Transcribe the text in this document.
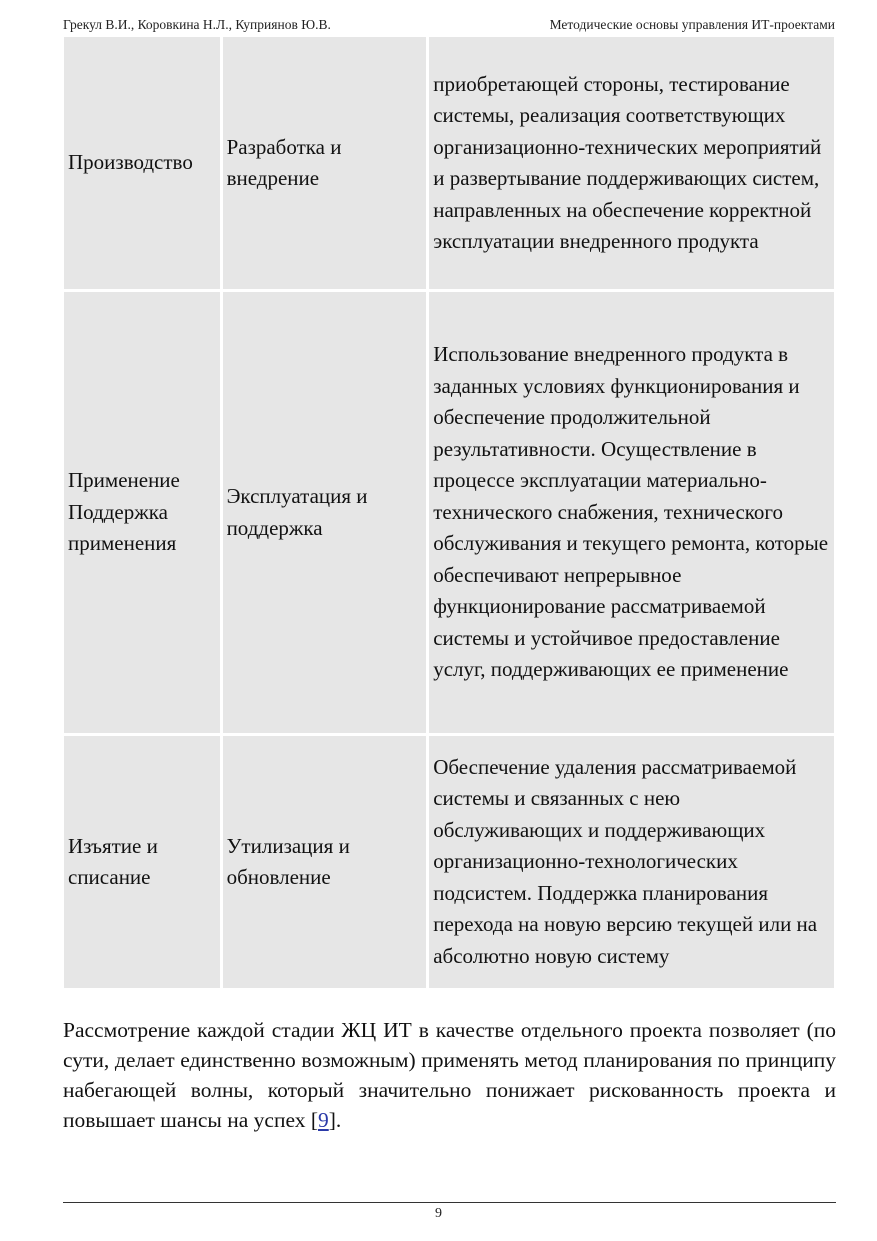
Грекул В.И., Коровкина Н.Л., Куприянов Ю.В.	Методические основы управления ИТ-проектами
Производство	Разработка и внедрение	приобретающей стороны, тестирование системы, реализация соответствующих организационно-технических мероприятий и развертывание поддерживающих систем, направленных на обеспечение корректной эксплуатации внедренного продукта

Применение Поддержка применения	Эксплуатация и поддержка	Использование внедренного продукта в заданных условиях функционирования и обеспечение продолжительной результативности. Осуществление в процессе эксплуатации материально-технического снабжения, технического обслуживания и текущего ремонта, которые обеспечивают непрерывное функционирование рассматриваемой системы и устойчивое предоставление услуг, поддерживающих ее применение

Изъятие и списание	Утилизация и обновление	Обеспечение удаления рассматриваемой системы и связанных с нею обслуживающих и поддерживающих организационно-технологических подсистем. Поддержка планирования перехода на новую версию текущей или на абсолютно новую систему

Рассмотрение каждой стадии ЖЦ ИТ в качестве отдельного проекта позволяет (по сути, делает единственно возможным) применять метод планирования по принципу набегающей волны, который значительно понижает рискованность проекта и повышает шансы на успех [9].

9
